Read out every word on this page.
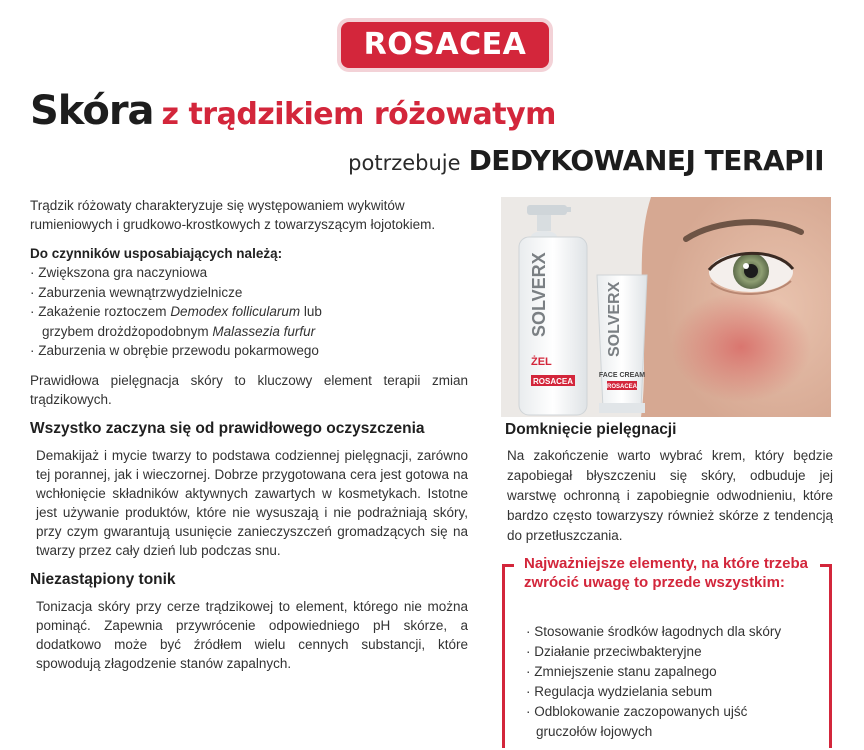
ROSACEA
Skóra z trądzikiem różowatym
potrzebuje DEDYKOWANEJ TERAPII

Trądzik różowaty charakteryzuje się występowaniem wykwitów rumieniowych i grudkowo-krostkowych z towarzyszącym łojotokiem.

Do czynników usposabiających należą:
· Zwiększona gra naczyniowa
· Zaburzenia wewnątrzwydzielnicze
· Zakażenie roztoczem Demodex follicularum lub
grzybem drożdżopodobnym Malassezia furfur
· Zaburzenia w obrębie przewodu pokarmowego

Prawidłowa pielęgnacja skóry to kluczowy element terapii zmian trądzikowych.

Wszystko zaczyna się od prawidłowego oczyszczenia

Demakijaż i mycie twarzy to podstawa codziennej pielęgnacji, zarówno tej porannej, jak i wieczornej. Dobrze przygotowana cera jest gotowa na wchłonięcie składników aktywnych zawartych w kosmetykach. Istotne jest używanie produktów, które nie wysuszają i nie podrażniają skóry, przy czym gwarantują usunięcie zanieczyszczeń gromadzących się na twarzy przez cały dzień lub podczas snu.

Niezastąpiony tonik

Tonizacja skóry przy cerze trądzikowej to element, którego nie można pominąć. Zapewnia przywrócenie odpowiedniego pH skórze, a dodatkowo może być źródłem wielu cennych substancji, które spowodują złagodzenie stanów zapalnych.

SOLVERX
ŻEL
ROSACEA
SOLVERX
FACE CREAM
ROSACEA
Domknięcie pielęgnacji

Na zakończenie warto wybrać krem, który będzie zapobiegał błyszczeniu się skóry, odbuduje jej warstwę ochronną i zapobiegnie odwodnieniu, które bardzo często towarzyszy również skórze z tendencją do przetłuszczania.

Najważniejsze elementy, na które trzeba zwrócić uwagę to przede wszystkim:
· Stosowanie środków łagodnych dla skóry
· Działanie przeciwbakteryjne
· Zmniejszenie stanu zapalnego
· Regulacja wydzielania sebum
· Odblokowanie zaczopowanych ujść
gruczołów łojowych
